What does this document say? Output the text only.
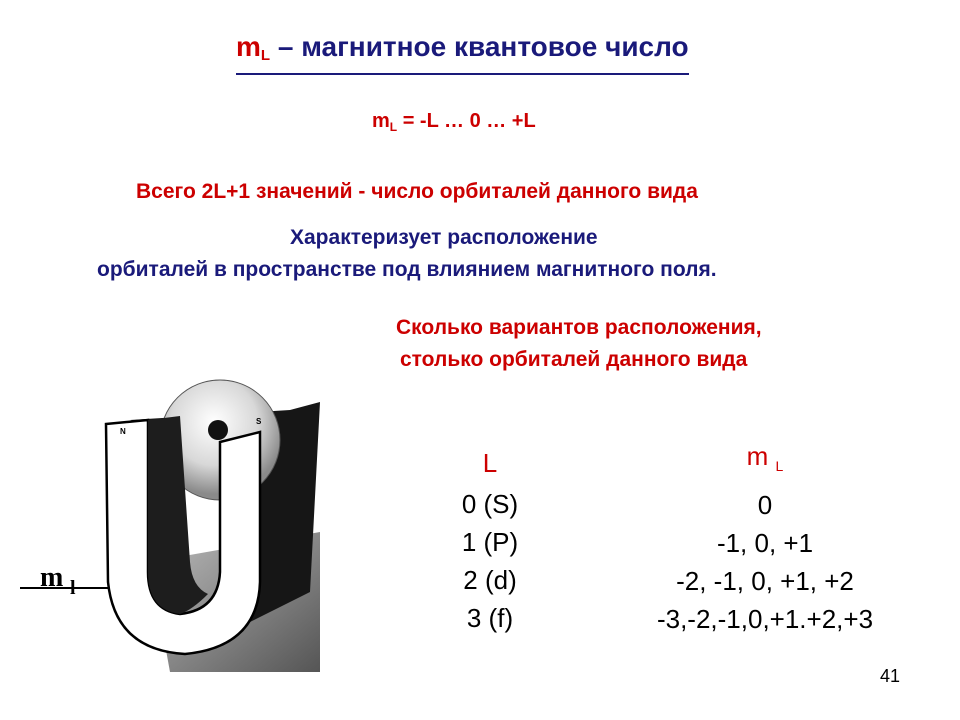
$m_L$ – магнитное квантовое число
$m_L = -L$ … 0 … +L
Всего 2L+1 значений - число орбиталей данного вида
Характеризует расположение
орбиталей в пространстве под влиянием магнитного поля.
Сколько вариантов расположения,
столько орбиталей данного вида
N
S
m l
L
0 (S)
1 (P)
2 (d)
3 (f)
m $_L$
0
-1, 0, +1
-2, -1, 0, +1, +2
-3,-2,-1,0,+1.+2,+3
41
